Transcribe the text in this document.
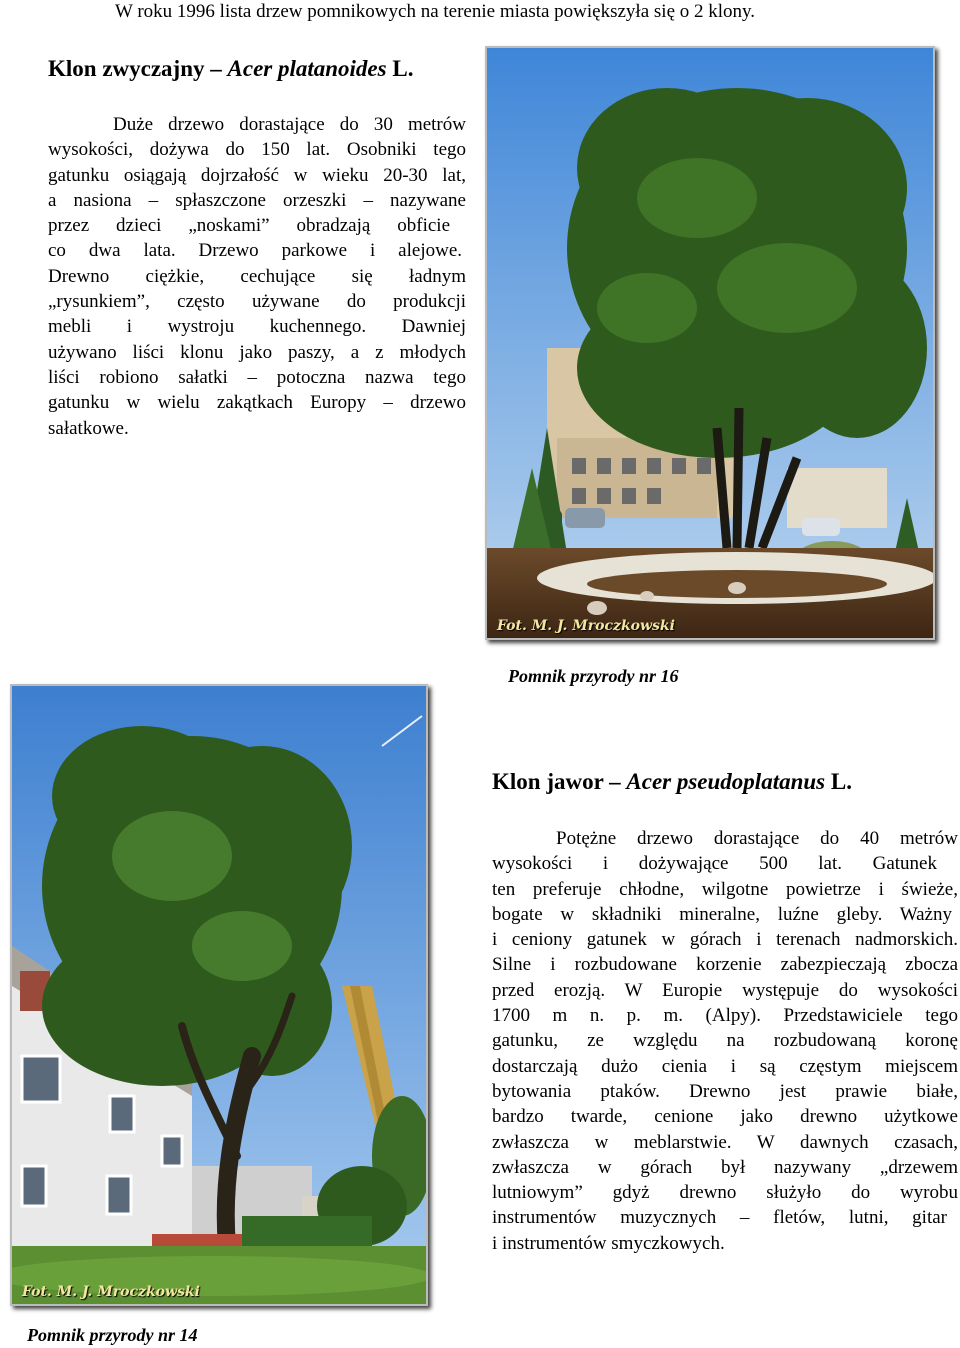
W roku 1996 lista drzew pomnikowych na terenie miasta powiększyła się o 2 klony.
Klon zwyczajny – Acer platanoides L.
Duże drzewo dorastające do 30 metrów
wysokości, dożywa do 150 lat. Osobniki tego
gatunku osiągają dojrzałość w wieku 20-30 lat,
a nasiona – spłaszczone orzeszki – nazywane
przez dzieci „noskami” obradzają obficie
co dwa lata. Drzewo parkowe i alejowe.
Drewno ciężkie, cechujące się ładnym
„rysunkiem”, często używane do produkcji
mebli i wystroju kuchennego. Dawniej
używano liści klonu jako paszy, a z młodych
liści robiono sałatki – potoczna nazwa tego
gatunku w wielu zakątkach Europy – drzewo
sałatkowe.
Fot. M. J. Mroczkowski
Pomnik przyrody nr 16
Klon jawor – Acer pseudoplatanus L.
Potężne drzewo dorastające do 40 metrów
wysokości i dożywające 500 lat. Gatunek
ten preferuje chłodne, wilgotne powietrze i świeże,
bogate w składniki mineralne, luźne gleby. Ważny
i ceniony gatunek w górach i terenach nadmorskich.
Silne i rozbudowane korzenie zabezpieczają zbocza
przed erozją. W Europie występuje do wysokości
1700 m n. p. m. (Alpy). Przedstawiciele tego
gatunku, ze względu na rozbudowaną koronę
dostarczają dużo cienia i są częstym miejscem
bytowania ptaków. Drewno jest prawie białe,
bardzo twarde, cenione jako drewno użytkowe
zwłaszcza w meblarstwie. W dawnych czasach,
zwłaszcza w górach był nazywany „drzewem
lutniowym” gdyż drewno służyło do wyrobu
instrumentów muzycznych – fletów, lutni, gitar
i instrumentów smyczkowych.
Fot. M. J. Mroczkowski
Pomnik przyrody nr 14
